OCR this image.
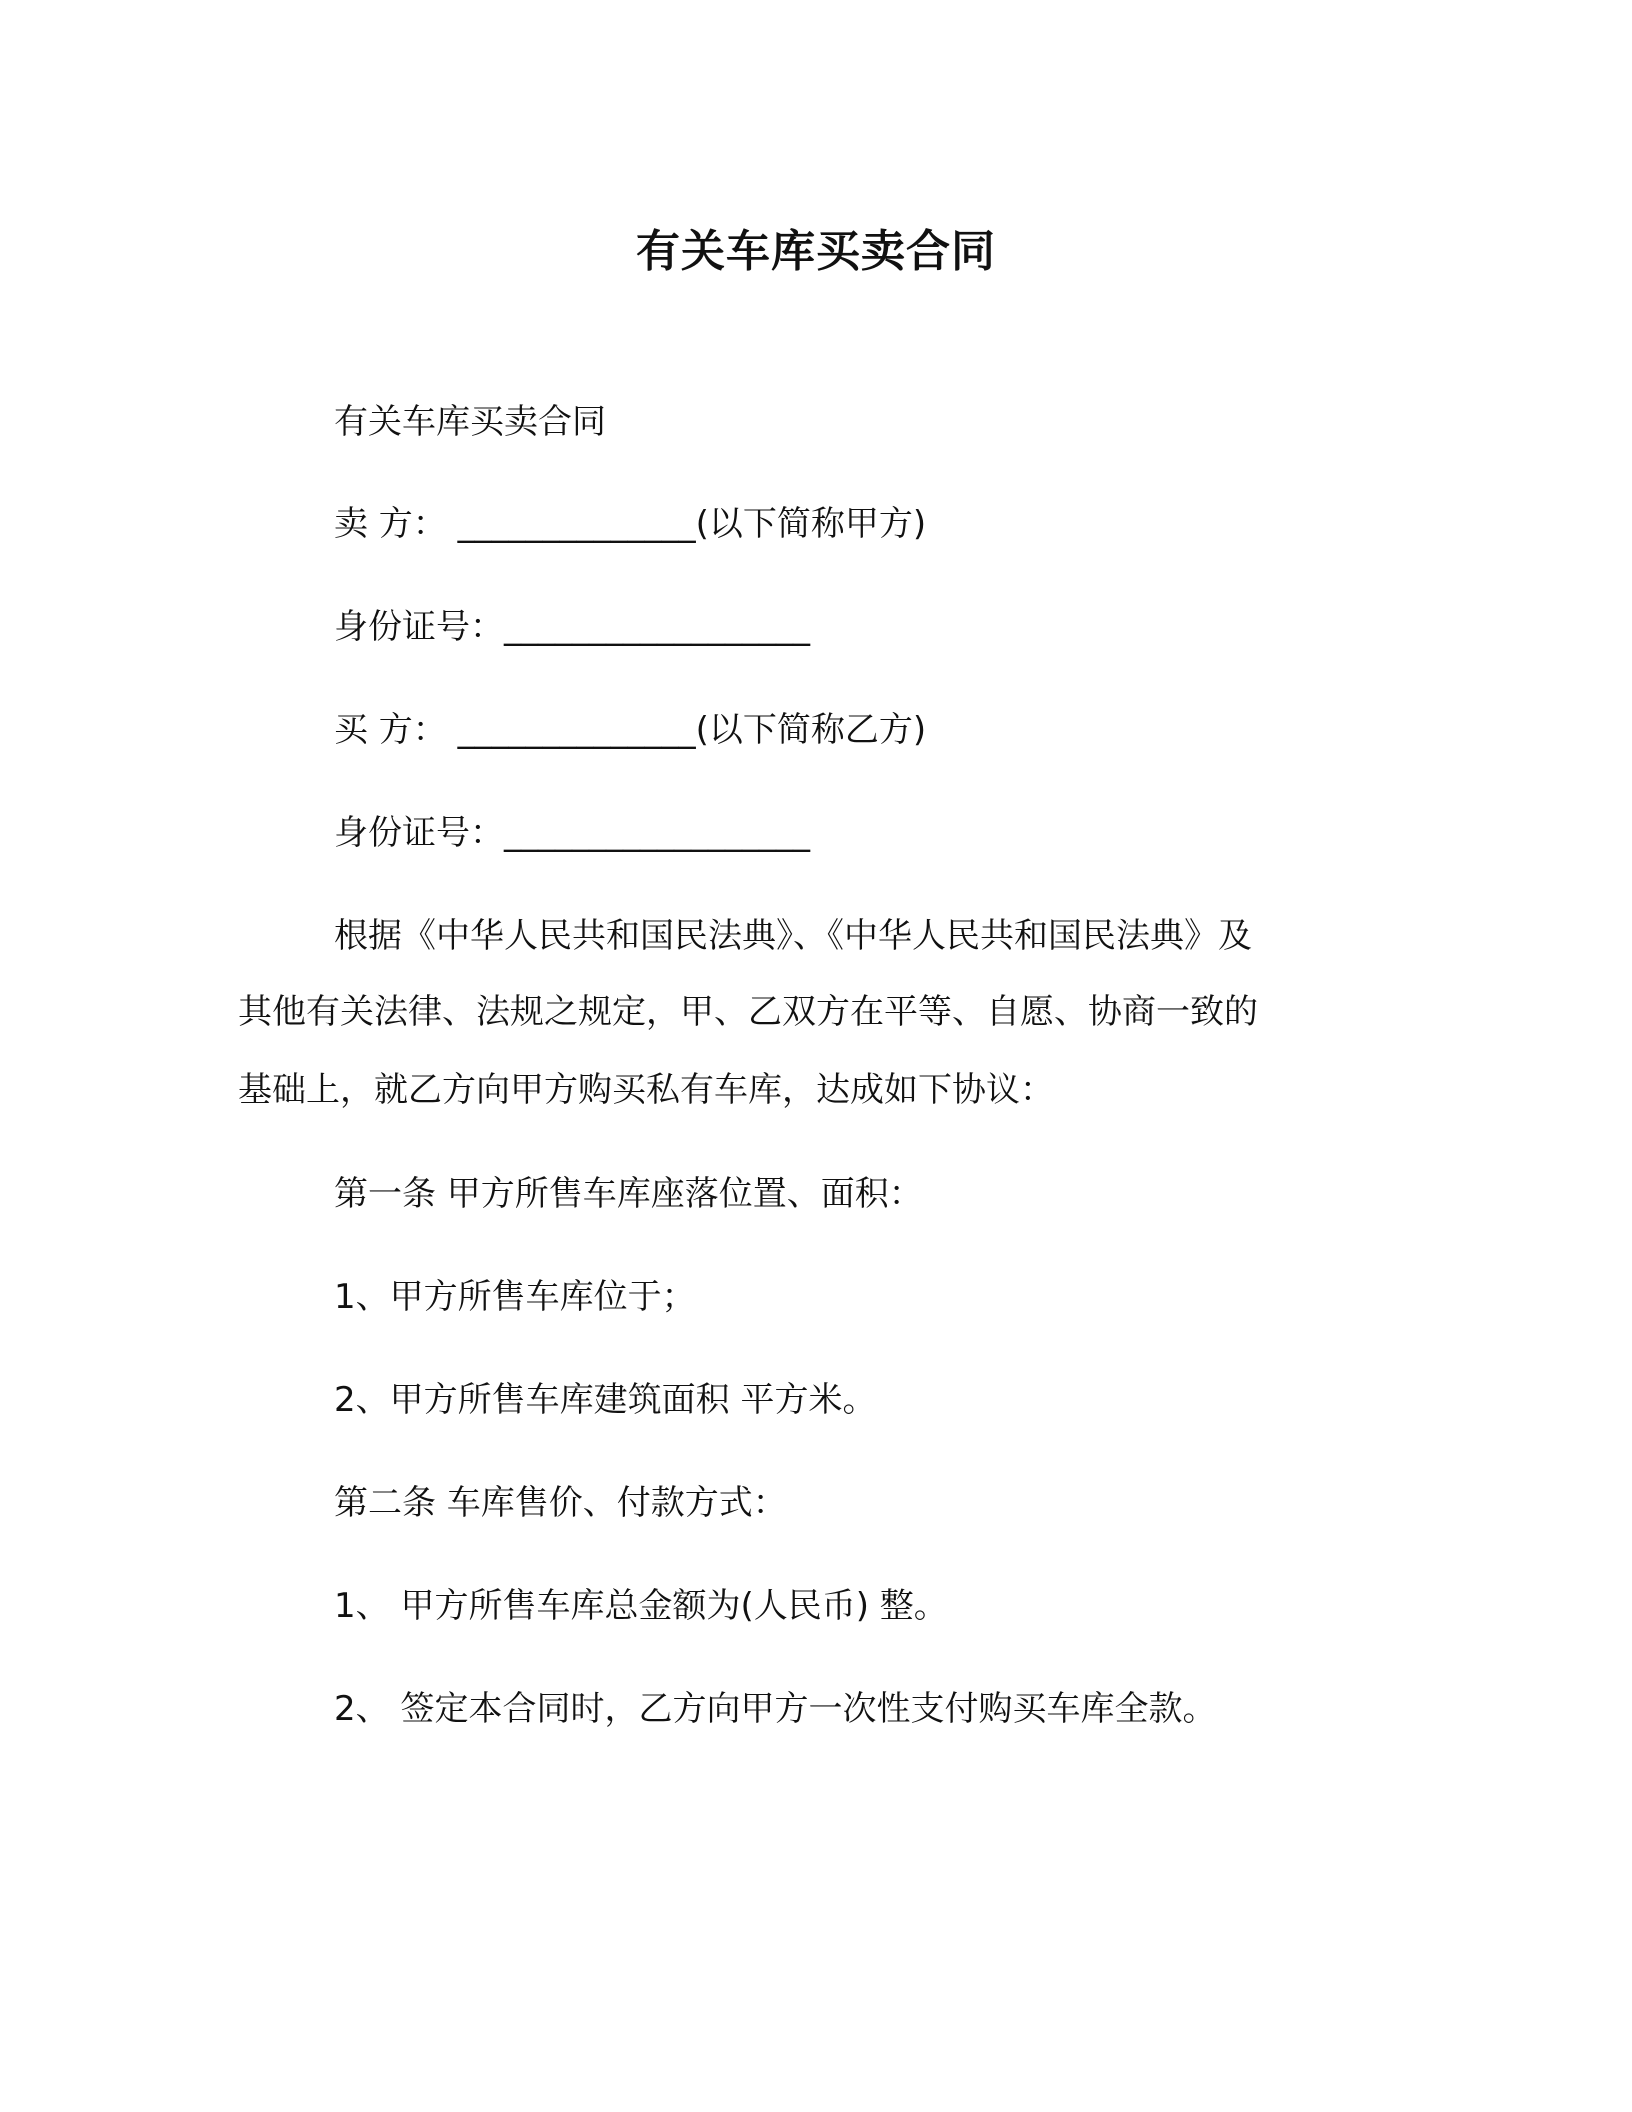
有关车库买卖合同
有关车库买卖合同
卖 方： ______________(以下简称甲方)
身份证号：__________________
买 方： ______________(以下简称乙方)
身份证号：__________________
根据《中华人民共和国民法典》、《中华人民共和国民法典》及
其他有关法律、法规之规定，甲、乙双方在平等、自愿、协商一致的
基础上，就乙方向甲方购买私有车库，达成如下协议：
第一条 甲方所售车库座落位置、面积：
1、甲方所售车库位于；
2、甲方所售车库建筑面积 平方米。
第二条 车库售价、付款方式：
1、 甲方所售车库总金额为(人民币) 整。
2、 签定本合同时，乙方向甲方一次性支付购买车库全款。
